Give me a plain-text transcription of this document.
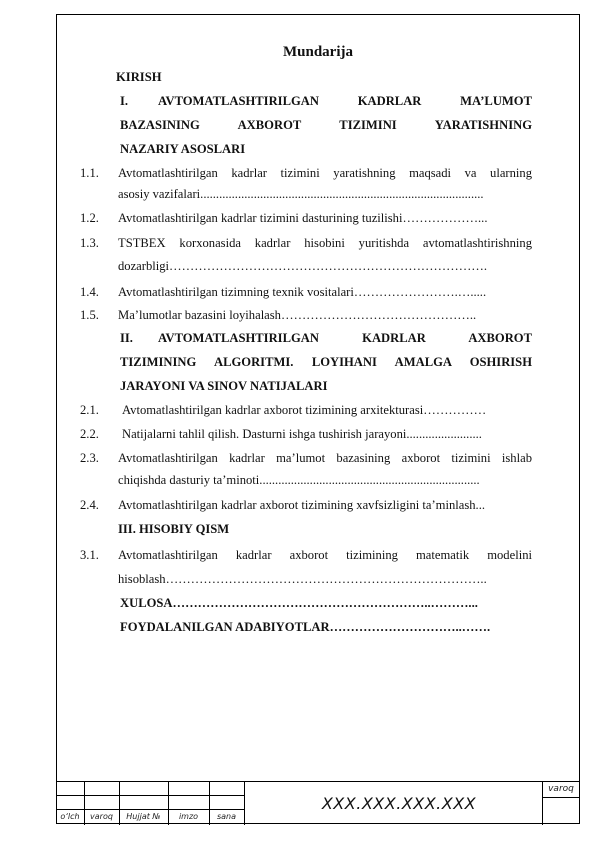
Mundarija
KIRISH
I. AVTOMATLASHTIRILGAN KADRLAR MA’LUMOT
BAZASINING AXBOROT TIZIMINI YARATISHNING
NAZARIY ASOSLARI
1.1. Avtomatlashtirilgan kadrlar tizimini yaratishning maqsadi va ularning
asosiy vazifalari..........................................................................................
1.2. Avtomatlashtirilgan kadrlar tizimini dasturining tuzilishi………………...
1.3. TSTBEX korxonasida kadrlar hisobini yuritishda avtomatlashtirishning
dozarbligi………………………………………………………………….
1.4. Avtomatlashtirilgan tizimning texnik vositalari…………………….….....
1.5. Ma’lumotlar bazasini loyihalash………………………………………..
II. AVTOMATLASHTIRILGAN KADRLAR AXBOROT
TIZIMINING ALGORITMI. LOYIHANI AMALGA OSHIRISH
JARAYONI VA SINOV NATIJALARI
2.1. Avtomatlashtirilgan kadrlar axborot tizimining arxitekturasi……………
2.2. Natijalarni tahlil qilish. Dasturni ishga tushirish jarayoni........................
2.3. Avtomatlashtirilgan kadrlar ma’lumot bazasining axborot tizimini ishlab
chiqishda dasturiy ta’minoti......................................................................
2.4. Avtomatlashtirilgan kadrlar axborot tizimining xavfsizligini ta’minlash...
III. HISOBIY QISM
3.1. Avtomatlashtirilgan kadrlar axborot tizimining matematik modelini
hisoblash…………………………………………………………………..
XULOSA……………………………………………………..………...
FOYDALANILGAN ADABIYOTLAR…………………………..…….
o‘lch	varoq	Hujjat №	imzo	sana
varoq
XXX.XXX.XXX.XXX
